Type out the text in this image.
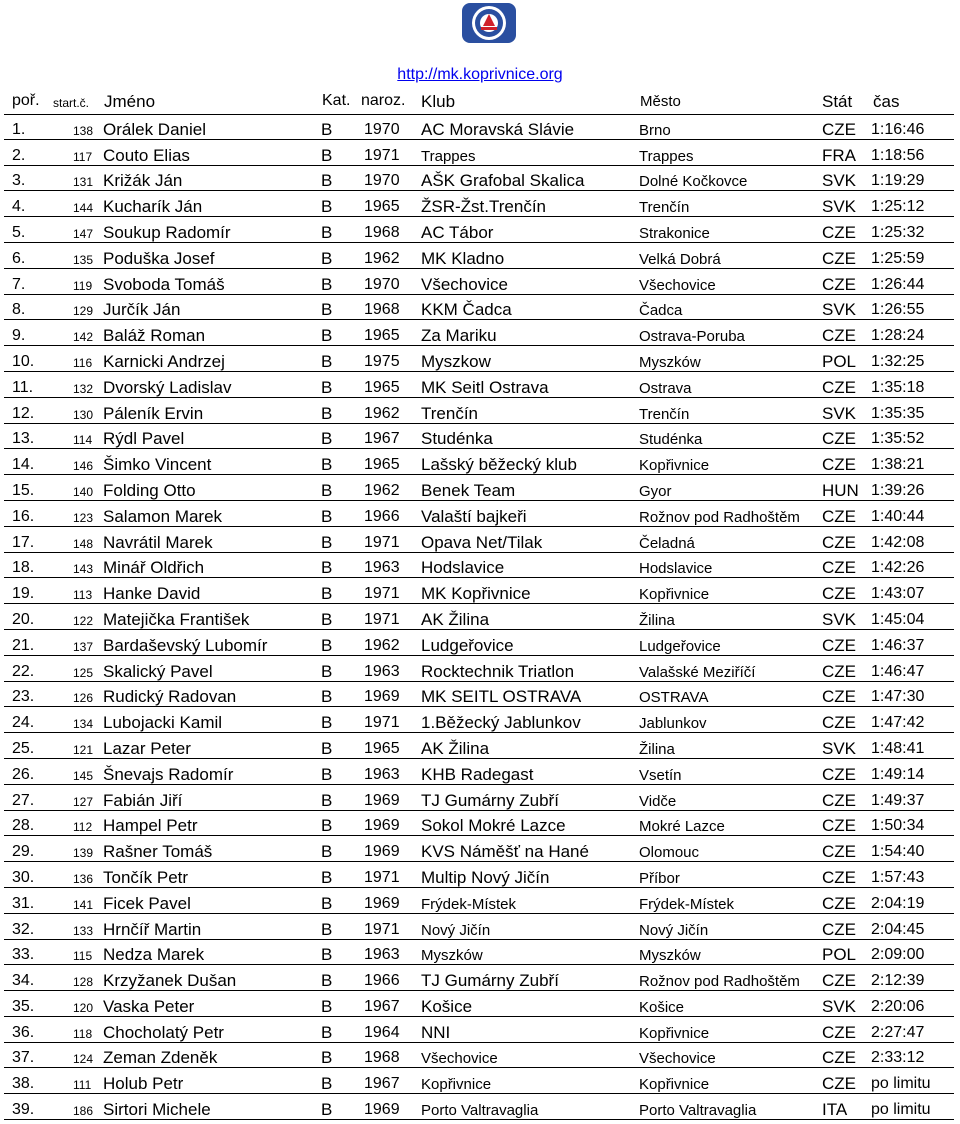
http://mk.koprivnice.org
poř. start.č. Jméno	Kat. naroz. Klub	Město	Stát čas
1.	138 Orálek Daniel	B 1970 AC Moravská Slávie	Brno	CZE 1:16:46
2.	117 Couto Elias	B 1971 Trappes	Trappes	FRA 1:18:56
3.	131 Križák Ján	B 1970 AŠK Grafobal Skalica	Dolné Kočkovce	SVK 1:19:29
4.	144 Kucharík Ján	B 1965 ŽSR-Žst.Trenčín	Trenčín	SVK 1:25:12
5.	147 Soukup Radomír	B 1968 AC Tábor	Strakonice	CZE 1:25:32
6.	135 Poduška Josef	B 1962 MK Kladno	Velká Dobrá	CZE 1:25:59
7.	119 Svoboda Tomáš	B 1970 Všechovice	Všechovice	CZE 1:26:44
8.	129 Jurčík Ján	B 1968 KKM Čadca	Čadca	SVK 1:26:55
9.	142 Baláž Roman	B 1965 Za Mariku	Ostrava-Poruba	CZE 1:28:24
10.	116 Karnicki Andrzej	B 1975 Myszkow	Myszków	POL 1:32:25
11.	132 Dvorský Ladislav	B 1965 MK Seitl Ostrava	Ostrava	CZE 1:35:18
12.	130 Páleník Ervin	B 1962 Trenčín	Trenčín	SVK 1:35:35
13.	114 Rýdl Pavel	B 1967 Studénka	Studénka	CZE 1:35:52
14.	146 Šimko Vincent	B 1965 Lašský běžecký klub	Kopřivnice	CZE 1:38:21
15.	140 Folding Otto	B 1962 Benek Team	Gyor	HUN 1:39:26
16.	123 Salamon Marek	B 1966 Valaští bajkeři	Rožnov pod Radhoštěm CZE 1:40:44
17.	148 Navrátil Marek	B 1971 Opava Net/Tilak	Čeladná	CZE 1:42:08
18.	143 Minář Oldřich	B 1963 Hodslavice	Hodslavice	CZE 1:42:26
19.	113 Hanke David	B 1971 MK Kopřivnice	Kopřivnice	CZE 1:43:07
20.	122 Matejička František	B 1971 AK Žilina	Žilina	SVK 1:45:04
21.	137 Bardaševský Lubomír	B 1962 Ludgeřovice	Ludgeřovice	CZE 1:46:37
22.	125 Skalický Pavel	B 1963 Rocktechnik Triatlon	Valašské Meziříčí	CZE 1:46:47
23.	126 Rudický Radovan	B 1969 MK SEITL OSTRAVA	OSTRAVA	CZE 1:47:30
24.	134 Lubojacki Kamil	B 1971 1.Běžecký Jablunkov	Jablunkov	CZE 1:47:42
25.	121 Lazar Peter	B 1965 AK Žilina	Žilina	SVK 1:48:41
26.	145 Šnevajs Radomír	B 1963 KHB Radegast	Vsetín	CZE 1:49:14
27.	127 Fabián Jiří	B 1969 TJ Gumárny Zubří	Vidče	CZE 1:49:37
28.	112 Hampel Petr	B 1969 Sokol Mokré Lazce	Mokré Lazce	CZE 1:50:34
29.	139 Rašner Tomáš	B 1969 KVS Náměšť na Hané	Olomouc	CZE 1:54:40
30.	136 Tončík Petr	B 1971 Multip Nový Jičín	Příbor	CZE 1:57:43
31.	141 Ficek Pavel	B 1969 Frýdek-Místek	Frýdek-Místek	CZE 2:04:19
32.	133 Hrnčíř Martin	B 1971 Nový Jičín	Nový Jičín	CZE 2:04:45
33.	115 Nedza Marek	B 1963 Myszków	Myszków	POL 2:09:00
34.	128 Krzyžanek Dušan	B 1966 TJ Gumárny Zubří	Rožnov pod Radhoštěm CZE 2:12:39
35.	120 Vaska Peter	B 1967 Košice	Košice	SVK 2:20:06
36.	118 Chocholatý Petr	B 1964 NNI	Kopřivnice	CZE 2:27:47
37.	124 Zeman Zdeněk	B 1968 Všechovice	Všechovice	CZE 2:33:12
38.	111 Holub Petr	B 1967 Kopřivnice	Kopřivnice	CZE po limitu
39.	186 Sirtori Michele	B 1969 Porto Valtravaglia	Porto Valtravaglia	ITA po limitu
